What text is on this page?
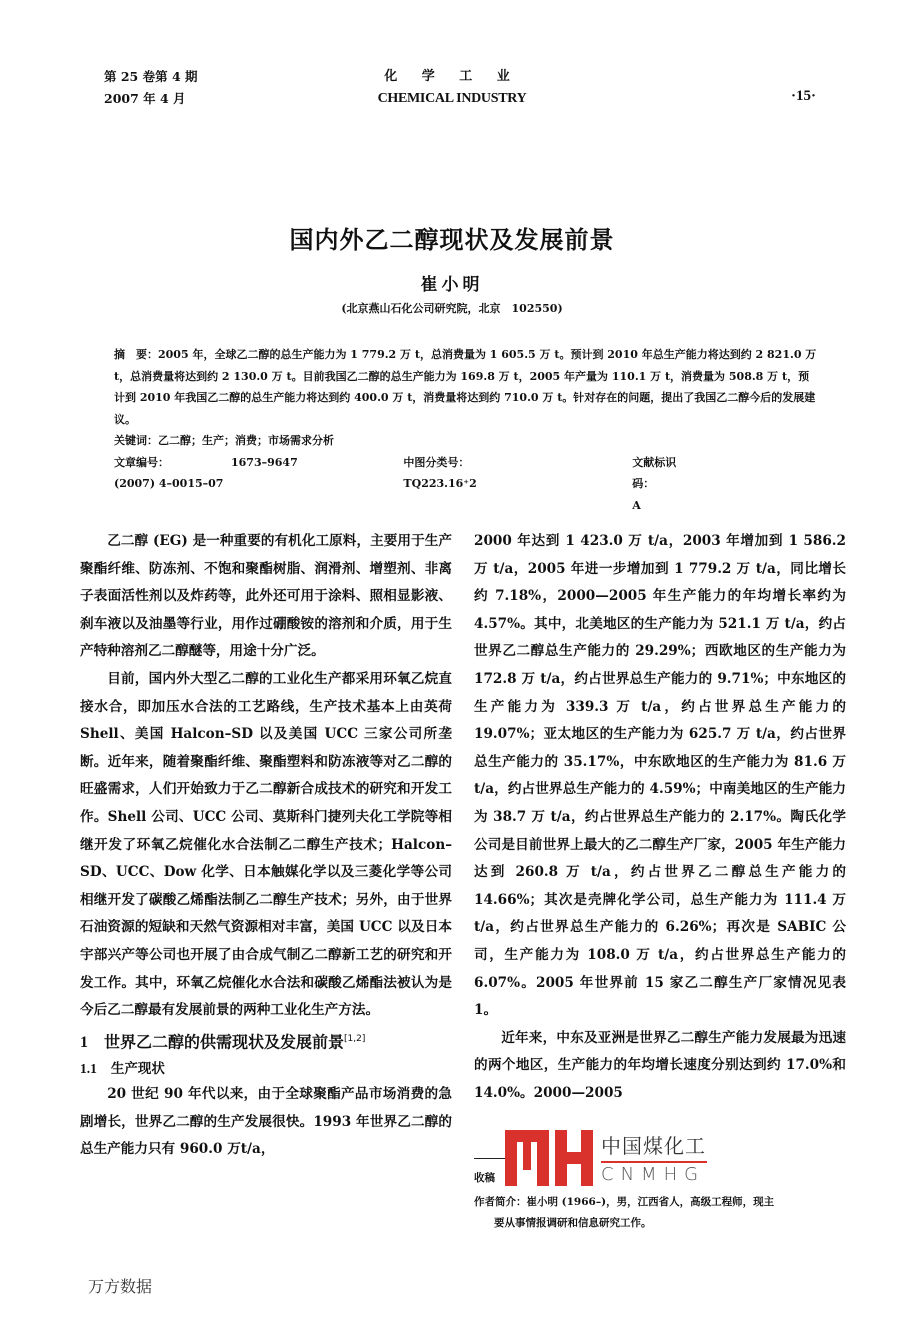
第 25 卷第 4 期
2007 年 4 月
化 学 工 业
CHEMICAL INDUSTRY	·15·
国内外乙二醇现状及发展前景
崔小明
(北京燕山石化公司研究院，北京　102550)

摘　要：2005 年，全球乙二醇的总生产能力为 1 779.2 万 t，总消费量为 1 605.5 万 t。预计到 2010 年总生产能力将达到约 2 821.0 万 t，总消费量将达到约 2 130.0 万 t。目前我国乙二醇的总生产能力为 169.8 万 t，2005 年产量为 110.1 万 t，消费量为 508.8 万 t，预计到 2010 年我国乙二醇的总生产能力将达到约 400.0 万 t，消费量将达到约 710.0 万 t。针对存在的问题，提出了我国乙二醇今后的发展建议。

关键词：乙二醇；生产；消费；市场需求分析

文章编号：	1673–9647 (2007) 4–0015–07
中图分类号：TQ223.16⁺2
文献标识码：A

乙二醇 (EG) 是一种重要的有机化工原料，主要用于生产聚酯纤维、防冻剂、不饱和聚酯树脂、润滑剂、增塑剂、非离子表面活性剂以及炸药等，此外还可用于涂料、照相显影液、刹车液以及油墨等行业，用作过硼酸铵的溶剂和介质，用于生产特种溶剂乙二醇醚等，用途十分广泛。

目前，国内外大型乙二醇的工业化生产都采用环氧乙烷直接水合，即加压水合法的工艺路线，生产技术基本上由英荷 Shell、美国 Halcon–SD 以及美国 UCC 三家公司所垄断。近年来，随着聚酯纤维、聚酯塑料和防冻液等对乙二醇的旺盛需求，人们开始致力于乙二醇新合成技术的研究和开发工作。Shell 公司、UCC 公司、莫斯科门捷列夫化工学院等相继开发了环氧乙烷催化水合法制乙二醇生产技术；Halcon–SD、UCC、Dow 化学、日本触媒化学以及三菱化学等公司相继开发了碳酸乙烯酯法制乙二醇生产技术；另外，由于世界石油资源的短缺和天然气资源相对丰富，美国 UCC 以及日本宇部兴产等公司也开展了由合成气制乙二醇新工艺的研究和开发工作。其中，环氧乙烷催化水合法和碳酸乙烯酯法被认为是今后乙二醇最有发展前景的两种工业化生产方法。

1 世界乙二醇的供需现状及发展前景[1,2]
1.1 生产现状

20 世纪 90 年代以来，由于全球聚酯产品市场消费的急剧增长，世界乙二醇的生产发展很快。1993 年世界乙二醇的总生产能力只有 960.0 万t/a，

2000 年达到 1 423.0 万 t/a，2003 年增加到 1 586.2 万 t/a，2005 年进一步增加到 1 779.2 万 t/a，同比增长约 7.18%，2000—2005 年生产能力的年均增长率约为 4.57%。其中，北美地区的生产能力为 521.1 万 t/a，约占世界乙二醇总生产能力的 29.29%；西欧地区的生产能力为 172.8 万 t/a，约占世界总生产能力的 9.71%；中东地区的生产能力为 339.3 万 t/a，约占世界总生产能力的 19.07%；亚太地区的生产能力为 625.7 万 t/a，约占世界总生产能力的 35.17%，中东欧地区的生产能力为 81.6 万 t/a，约占世界总生产能力的 4.59%；中南美地区的生产能力为 38.7 万 t/a，约占世界总生产能力的 2.17%。陶氏化学公司是目前世界上最大的乙二醇生产厂家，2005 年生产能力达到 260.8 万 t/a，约占世界乙二醇总生产能力的 14.66%；其次是壳牌化学公司，总生产能力为 111.4 万 t/a，约占世界总生产能力的 6.26%；再次是 SABIC 公司，生产能力为 108.0 万 t/a，约占世界总生产能力的 6.07%。2005 年世界前 15 家乙二醇生产厂家情况见表 1。

近年来，中东及亚洲是世界乙二醇生产能力发展最为迅速的两个地区，生产能力的年均增长速度分别达到约 17.0%和 14.0%。2000—2005

收稿
作者简介：崔小明 (1966–)，男，江西省人，高级工程师，现主
要从事情报调研和信息研究工作。
中国煤化工
CNMHG
万方数据
